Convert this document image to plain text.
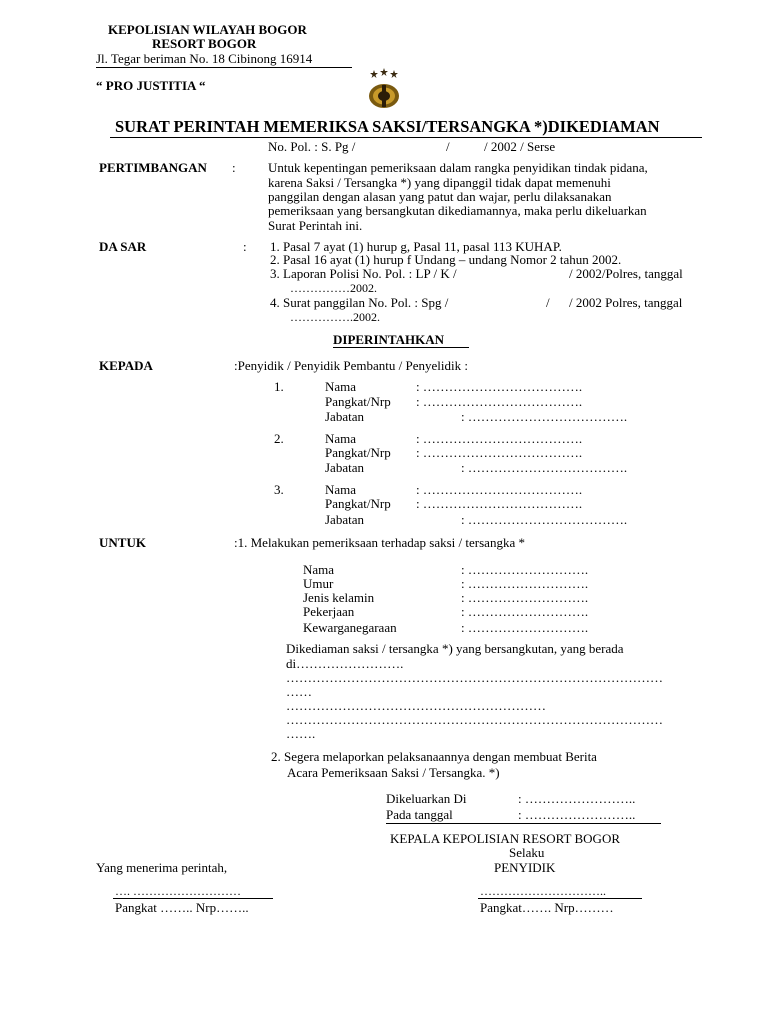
KEPOLISIAN WILAYAH BOGOR
RESORT BOGOR
Jl. Tegar beriman No. 18 Cibinong 16914
“ PRO JUSTITIA “
SURAT PERINTAH MEMERIKSA SAKSI/TERSANGKA *)DIKEDIAMAN
No. Pol. : S. Pg /	/	/ 2002 / Serse
PERTIMBANGAN : Untuk kepentingan pemeriksaan dalam rangka penyidikan tindak pidana,
karena Saksi / Tersangka *) yang dipanggil tidak dapat memenuhi
panggilan dengan alasan yang patut dan wajar, perlu dilaksanakan
pemeriksaan yang bersangkutan dikediamannya, maka perlu dikeluarkan
Surat Perintah ini.
DA SAR	: 1. Pasal 7 ayat (1) hurup g, Pasal 11, pasal 113 KUHAP.
2. Pasal 16 ayat (1) hurup f Undang – undang Nomor 2 tahun 2002.
3. Laporan Polisi No. Pol. : LP / K /	/ 2002/Polres, tanggal
……………2002.
4. Surat panggilan No. Pol. : Spg /	/ / 2002 Polres, tanggal
…………….2002.
DIPERINTAHKAN
KEPADA	:Penyidik / Penyidik Pembantu / Penyelidik :
1.	Nama	: ……………………………….
Pangkat/Nrp : ……………………………….
Jabatan	: ……………………………….
2.	Nama	: ……………………………….
Pangkat/Nrp : ……………………………….
Jabatan	: ……………………………….
3.	Nama	: ……………………………….
Pangkat/Nrp : ……………………………….
Jabatan	: ……………………………….
UNTUK	:1. Melakukan pemeriksaan terhadap saksi / tersangka *
Nama	: ……………………….
Umur	: ……………………….
Jenis kelamin	: ……………………….
Pekerjaan	: ……………………….
Kewarganegaraan	: ……………………….
Dikediaman saksi / tersangka *) yang bersangkutan, yang berada
di…………………….
……………………………………………………………………………
……
……………………………………………………
……………………………………………………………………………
…….
2. Segera melaporkan pelaksanaannya dengan membuat Berita
Acara Pemeriksaan Saksi / Tersangka. *)
Dikeluarkan Di	: ……………………..
Pada tanggal	: ……………………..
KEPALA KEPOLISIAN RESORT BOGOR
Selaku
Yang menerima perintah,	PENYIDIK
…. ………………………
Pangkat …….. Nrp……..
…………………………..
Pangkat……. Nrp………
